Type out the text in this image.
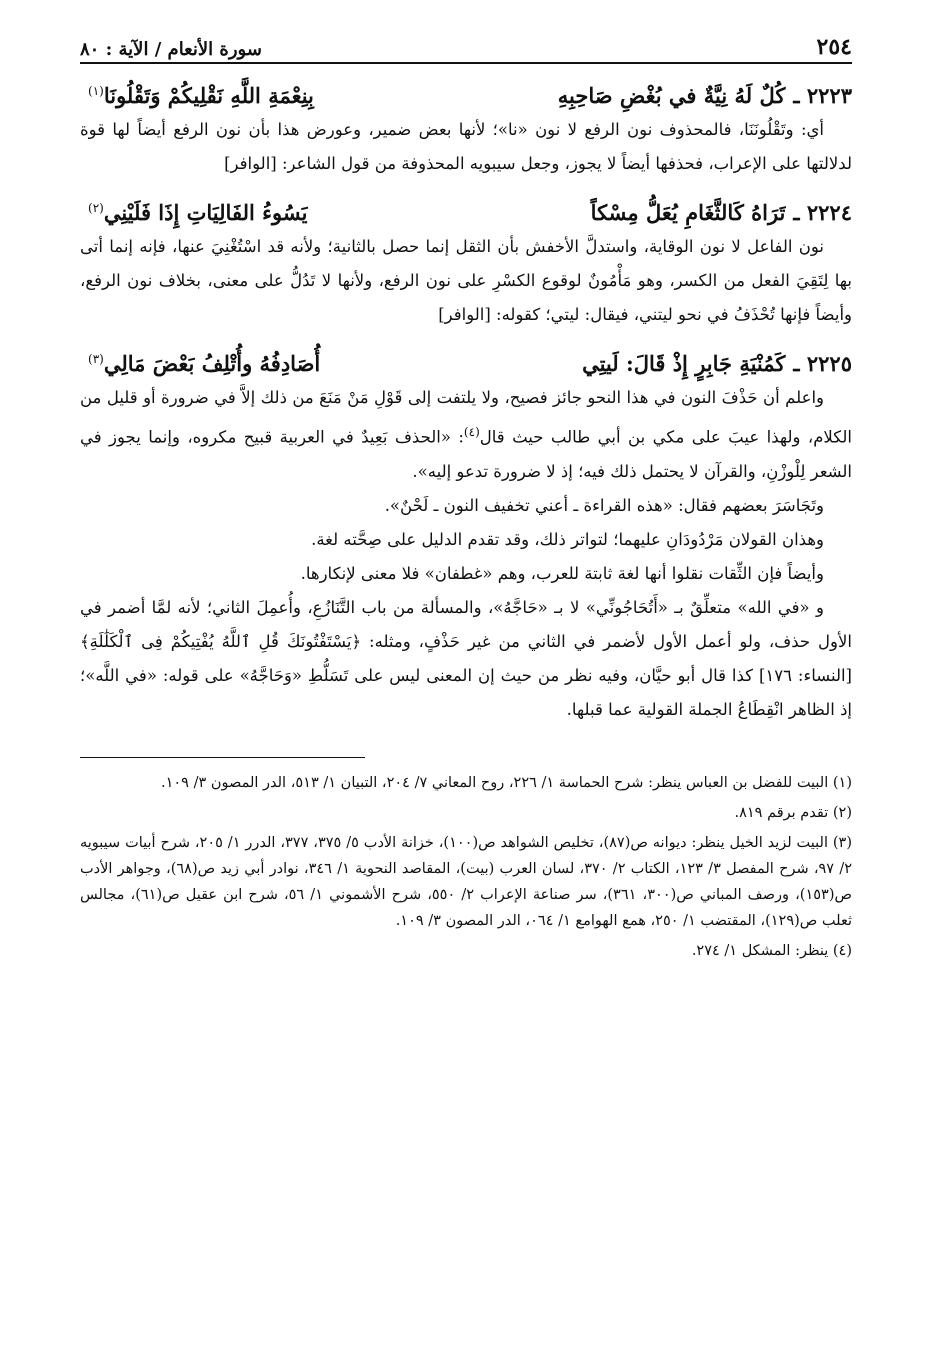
٢٥٤
سورة الأنعام / الآية : ٨٠
٢٢٢٣ ـ
كُلٌ لَهُ نِيَّةٌ في بُغْضِ صَاحِبِهِ
بِنِعْمَةِ اللَّهِ نَقْلِيكُمْ وَتَقْلُونَا$^{(١)}$

أي: وتَقْلُونَنَا، فالمحذوف نون الرفع لا نون «نا»؛ لأنها بعض ضمير، وعورض هذا بأن نون الرفع أيضاً لها قوة لدلالتها على الإعراب، فحذفها أيضاً لا يجوز، وجعل سيبويه المحذوفة من قول الشاعر: [الوافر]

٢٢٢٤ ـ
تَرَاهُ كَالثَّغَامِ يُعَلُّ مِسْكاً
يَسُوءُ الفَالِيَاتِ إِذَا فَلَيْنِي$^{(٢)}$

نون الفاعل لا نون الوقاية، واستدلَّ الأخفش بأن الثقل إنما حصل بالثانية؛ ولأنه قد اسْتُغْنِيَ عنها، فإنه إنما أتى بها لِتَقِيَ الفعل من الكسر، وهو مَأْمُونٌ لوقوع الكسْرِ على نون الرفع، ولأنها لا تَدُلُّ على معنى، بخلاف نون الرفع، وأيضاً فإنها تُحْذَفُ في نحو ليتني، فيقال: ليتي؛ كقوله: [الوافر]

٢٢٢٥ ـ
كَمُنْيَةِ جَابِرٍ إِذْ قَالَ: لَيتِي
أُصَادِفُهُ وأُتْلِفُ بَعْضَ مَالِي$^{(٣)}$

واعلم أن حَذْفَ النون في هذا النحو جائز فصيح، ولا يلتفت إلى قَوْلِ مَنْ مَنَعَ من ذلك إلاَّ في ضرورة أو قليل من الكلام، ولهذا عيبَ على مكي بن أبي طالب حيث قال$^{(٤)}$: «الحذف بَعِيدٌ في العربية قبيح مكروه، وإنما يجوز في الشعر لِلْوزْنِ، والقرآن لا يحتمل ذلك فيه؛ إذ لا ضرورة تدعو إليه».

وتَجَاسَرَ بعضهم فقال: «هذه القراءة ـ أعني تخفيف النون ـ لَحْنٌ».

وهذان القولان مَرْدُودَانِ عليهما؛ لتواتر ذلك، وقد تقدم الدليل على صِحَّته لغة.

وأيضاً فإن الثِّقات نقلوا أنها لغة ثابتة للعرب، وهم «غطفان» فلا معنى لإنكارها.

و «في الله» متعلِّقٌ بـ «أَتُحَاجُونِّي» لا بـ «حَاجَّهُ»، والمسألة من باب التَّنَازُعِ، وأُعمِلَ الثاني؛ لأنه لمَّا أضمر في الأول حذف، ولو أعمل الأول لأضمر في الثاني من غير حَذْفٍ، ومثله: ﴿يَسْتَفْتُونَكَ قُلِ ٱللَّهُ يُفْتِيكُمْ فِى ٱلْكَلَٰلَةِ﴾ [النساء: ١٧٦] كذا قال أبو حيَّان، وفيه نظر من حيث إن المعنى ليس على تَسَلُّطِ «وَحَاجَّهُ» على قوله: «في اللَّه»؛ إذ الظاهر انْقِطَاعُ الجملة القولية عما قبلها.

(١) البيت للفضل بن العباس ينظر: شرح الحماسة ١/ ٢٢٦، روح المعاني ٧/ ٢٠٤، التبيان ١/ ٥١٣، الدر المصون ٣/ ١٠٩.

(٢) تقدم برقم ٨١٩.

(٣) البيت لزيد الخيل ينظر: ديوانه ص(٨٧)، تخليص الشواهد ص(١٠٠)، خزانة الأدب ٥/ ٣٧٥، ٣٧٧، الدرر ١/ ٢٠٥، شرح أبيات سيبويه ٢/ ٩٧، شرح المفصل ٣/ ١٢٣، الكتاب ٢/ ٣٧٠، لسان العرب (بيت)، المقاصد النحوية ١/ ٣٤٦، نوادر أبي زيد ص(٦٨)، وجواهر الأدب ص(١٥٣)، ورصف المباني ص(٣٠٠، ٣٦١)، سر صناعة الإعراب ٢/ ٥٥٠، شرح الأشموني ١/ ٥٦، شرح ابن عقيل ص(٦١)، مجالس ثعلب ص(١٢٩)، المقتضب ١/ ٢٥٠، همع الهوامع ١/ ٠٦٤، الدر المصون ٣/ ١٠٩.

(٤) ينظر: المشكل ١/ ٢٧٤.
